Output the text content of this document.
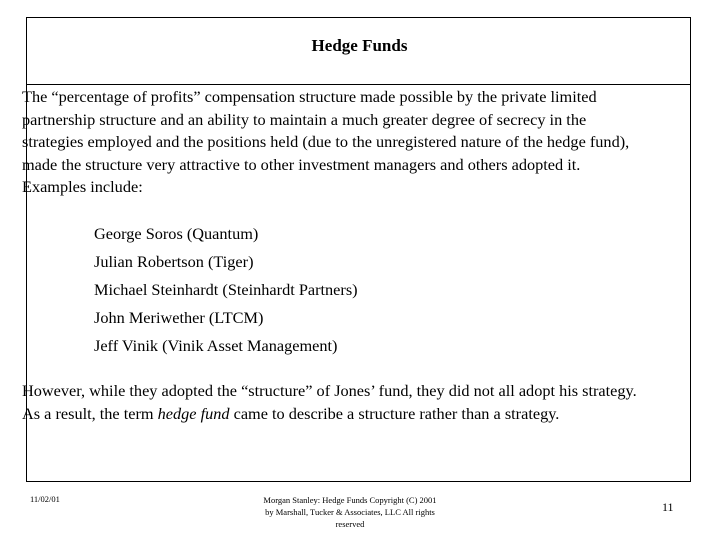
Hedge Funds

The “percentage of profits” compensation structure made possible by the private limited partnership structure and an ability to maintain a much greater degree of secrecy in the strategies employed and the positions held (due to the unregistered nature of the hedge fund), made the structure very attractive to other investment managers and others adopted it. Examples include:

George Soros (Quantum)
Julian Robertson (Tiger)
Michael Steinhardt (Steinhardt Partners)
John Meriwether (LTCM)
Jeff Vinik (Vinik Asset Management)

However, while they adopted the “structure” of Jones’ fund, they did not all adopt his strategy. As a result, the term hedge fund came to describe a structure rather than a strategy.

11/02/01	Morgan Stanley: Hedge Funds Copyright (C) 2001
by Marshall, Tucker & Associates, LLC All rights
reserved
11
